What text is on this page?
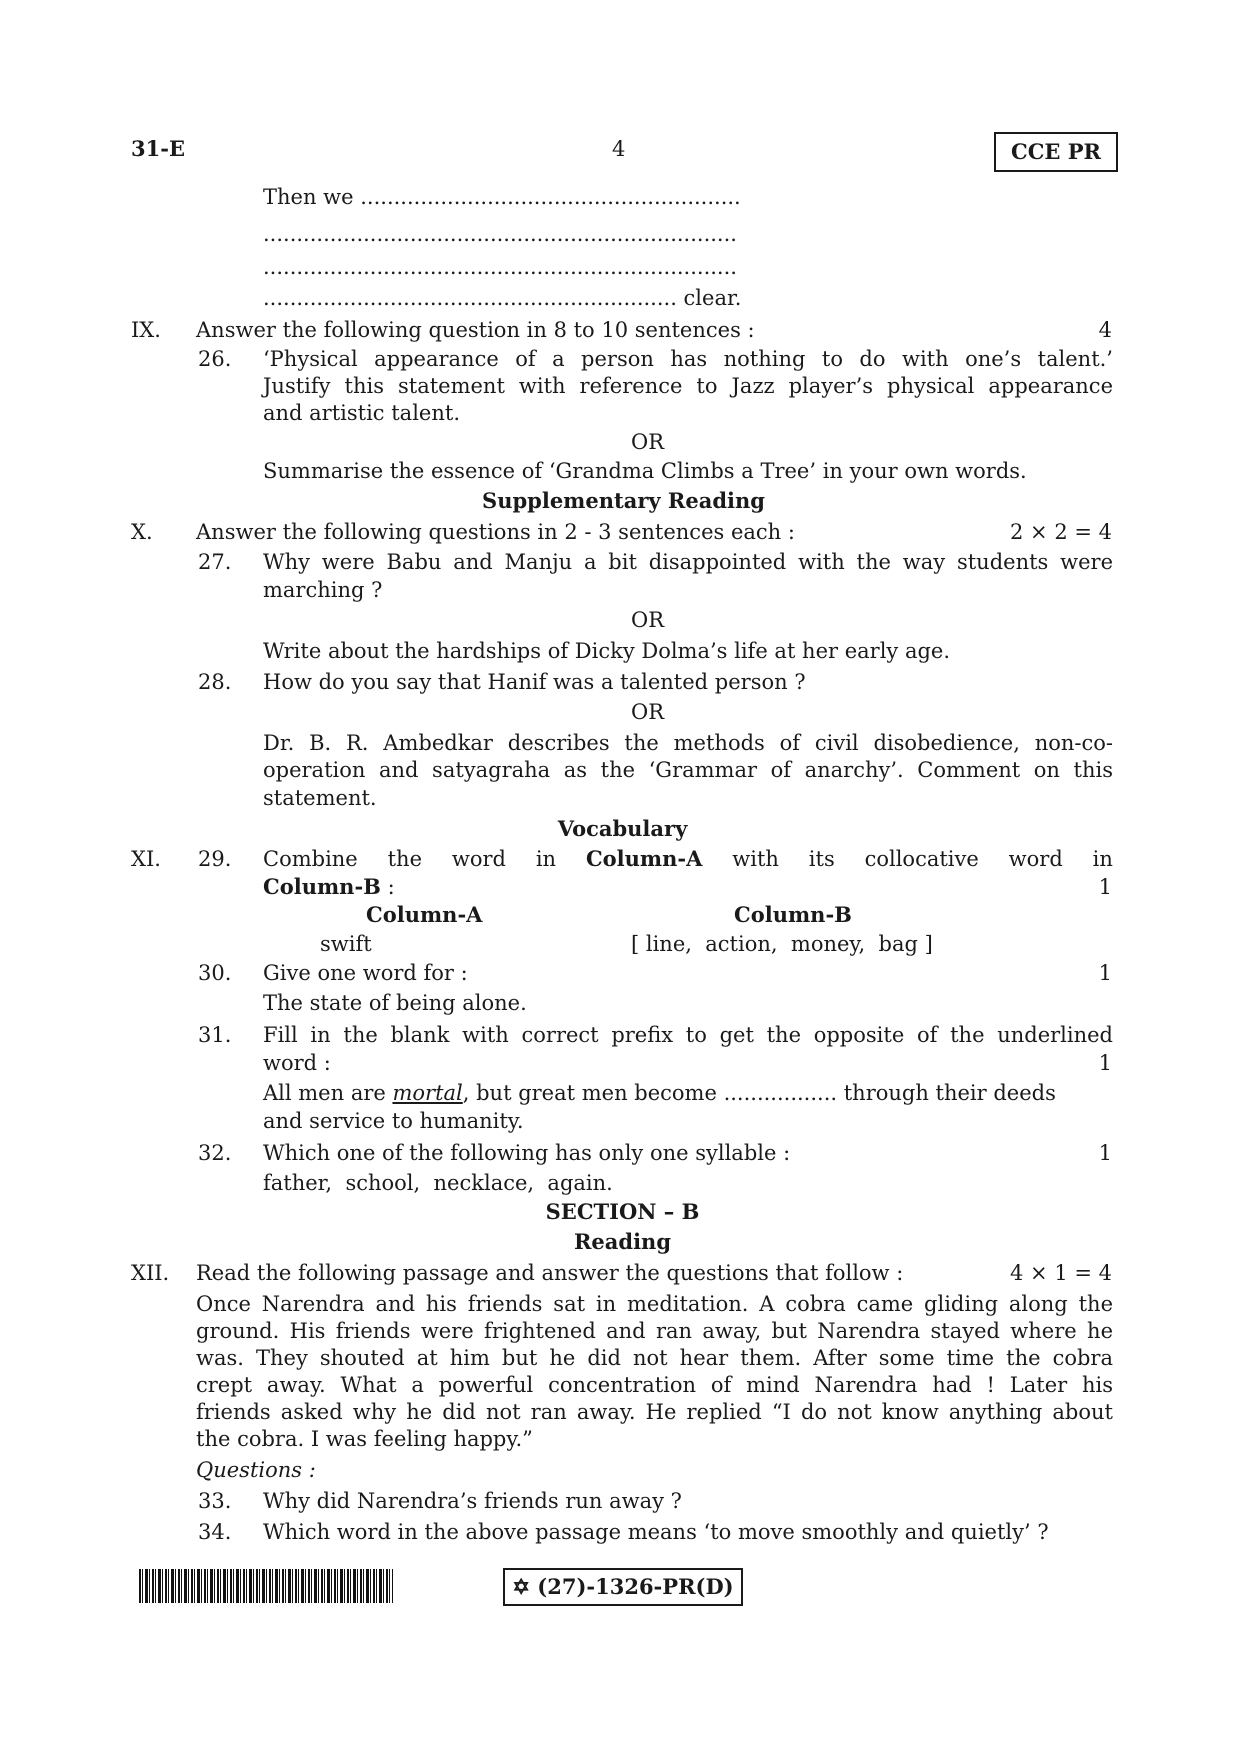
31-E	4	CCE PR
Then we .........................................................
.......................................................................
.......................................................................
.............................................................. clear.
IX. Answer the following question in 8 to 10 sentences :	4
26. ‘Physical appearance of a person has nothing to do with one’s talent.’
Justify this statement with reference to Jazz player’s physical appearance
and artistic talent.
OR
Summarise the essence of ‘Grandma Climbs a Tree’ in your own words.
Supplementary Reading
X. Answer the following questions in 2 - 3 sentences each :	2 × 2 = 4
27. Why were Babu and Manju a bit disappointed with the way students were
marching ?
OR
Write about the hardships of Dicky Dolma’s life at her early age.
28. How do you say that Hanif was a talented person ?
OR
Dr. B. R. Ambedkar describes the methods of civil disobedience, non-co-
operation and satyagraha as the ‘Grammar of anarchy’. Comment on this
statement.
Vocabulary
XI. 29. Combine the word in Column-A with its collocative word in
Column-B :	1
Column-A	Column-B
swift	[ line,  action,  money,  bag ]
30. Give one word for :	1
The state of being alone.
31. Fill in the blank with correct prefix to get the opposite of the underlined
word :	1
All men are mortal , but great men become ................. through their deeds
and service to humanity.
32. Which one of the following has only one syllable :	1
father,  school,  necklace,  again.
SECTION – B
Reading
XII. Read the following passage and answer the questions that follow :	4 × 1 = 4
Once Narendra and his friends sat in meditation. A cobra came gliding along the
ground. His friends were frightened and ran away, but Narendra stayed where he
was. They shouted at him but he did not hear them. After some time the cobra
crept away. What a powerful concentration of mind Narendra had ! Later his
friends asked why he did not ran away. He replied “I do not know anything about
the cobra. I was feeling happy.”
Questions :
33. Why did Narendra’s friends run away ?
34. Which word in the above passage means ‘to move smoothly and quietly’ ?
✡ (27)-1326-PR(D)
